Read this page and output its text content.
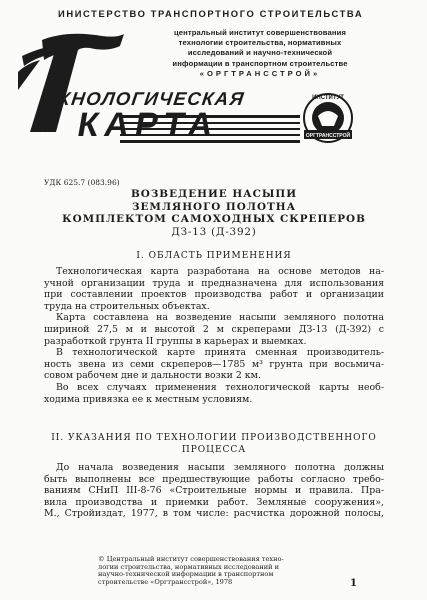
ИНИСТЕРСТВО ТРАНСПОРТНОГО СТРОИТЕЛЬСТВА
центральный институт совершенствования
технологии строительства, нормативных
исследований и научно-технической
информации в транспортном строительстве
«ОРГТРАНССТРОЙ»
ЕХНОЛОГИЧЕСКАЯ
КАРТА
ИНСТИТУТ
ОРГТРАНССТРОЙ
УДК 625.7 (083.96)
ВОЗВЕДЕНИЕ НАСЫПИ
ЗЕМЛЯНОГО ПОЛОТНА
КОМПЛЕКТОМ САМОХОДНЫХ СКРЕПЕРОВ
ДЗ-13 (Д-392)
I. ОБЛАСТЬ ПРИМЕНЕНИЯ
Технологическая карта разработана на основе методов на-
учной организации труда и предназначена для использования
при составлении проектов производства работ и организации
труда на строительных объектах.
Карта составлена на возведение насыпи земляного полотна
шириной 27,5 м и высотой 2 м скреперами ДЗ-13 (Д-392) с
разработкой грунта II группы в карьерах и выемках.
В технологической карте принята сменная производитель-
ность звена из семи скреперов—1785 м³ грунта при восьмича-
совом рабочем дне и дальности возки 2 км.
Во всех случаях применения технологической карты необ-
ходима привязка ее к местным условиям.
II. УКАЗАНИЯ ПО ТЕХНОЛОГИИ ПРОИЗВОДСТВЕННОГО
ПРОЦЕССА
До начала возведения насыпи земляного полотна должны
быть выполнены все предшествующие работы согласно требо-
ваниям СНиП III-8-76 «Строительные нормы и правила. Пра-
вила производства и приемки работ. Земляные сооружения»,
М., Стройиздат, 1977, в том числе: расчистка дорожной полосы,
© Центральный институт совершенствования техно-
логии строительства, нормативных исследований и
научно-технической информации в транспортном
строительстве «Оргтрансстрой», 1978	1
